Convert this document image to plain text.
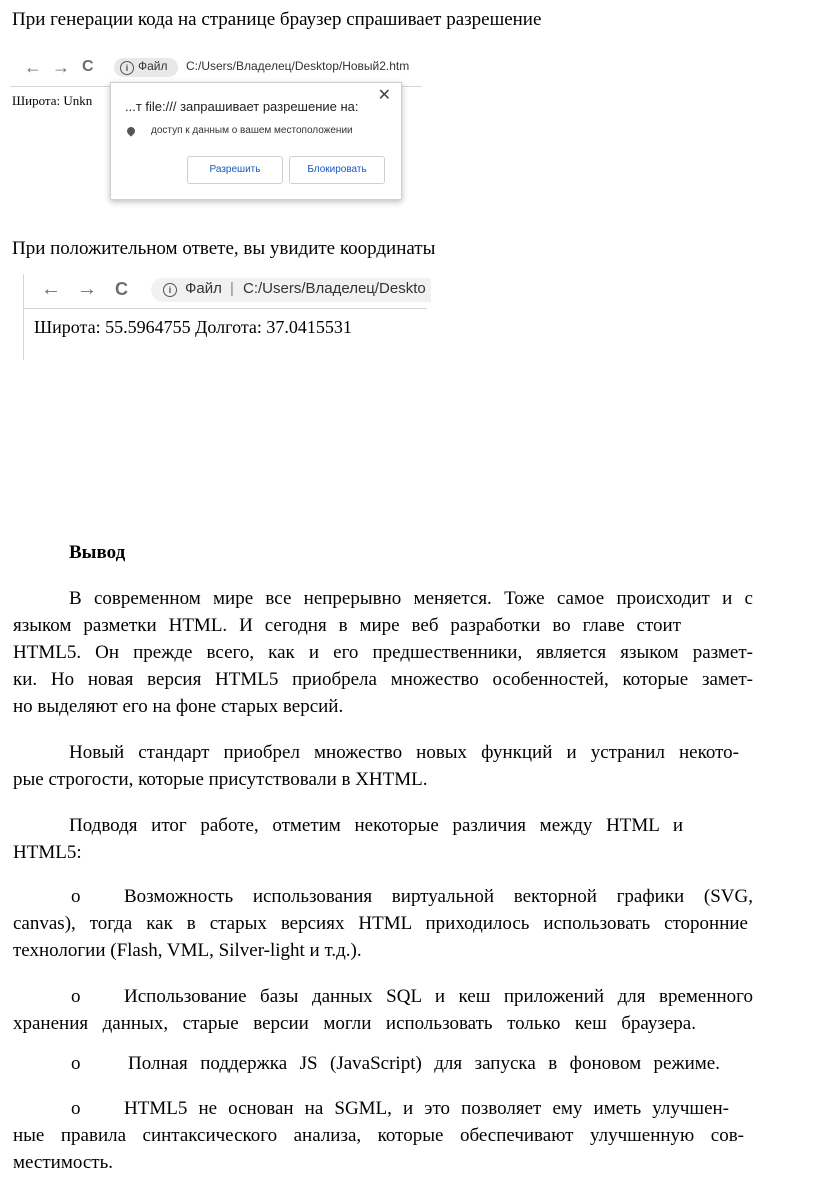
При генерации кода на странице браузер спрашивает разрешение
← → C	i Файл C:/Users/Владелец/Desktop/Новый2.htm
Широта: Unkn	✕
...т file:/// запрашивает разрешение на:
доступ к данным о вашем местоположении
Разрешить	Блокировать
При положительном ответе, вы увидите координаты
← → C	i Файл | C:/Users/Владелец/Deskto
Широта: 55.5964755 Долгота: 37.0415531
Вывод
В современном мире все непрерывно меняется. Тоже самое происходит и с
языком разметки HTML. И сегодня в мире веб разработки во главе стоит
HTML5. Он прежде всего, как и его предшественники, является языком размет-
ки. Но новая версия HTML5 приобрела множество особенностей, которые замет-
но выделяют его на фоне старых версий.
Новый стандарт приобрел множество новых функций и устранил некото-
рые строгости, которые присутствовали в XHTML.
Подводя итог работе, отметим некоторые различия между HTML и
HTML5:
o Возможность использования виртуальной векторной графики (SVG,
canvas), тогда как в старых версиях HTML приходилось использовать сторонние
технологии (Flash, VML, Silver-light и т.д.).
o Использование базы данных SQL и кеш приложений для временного
хранения данных, старые версии могли использовать только кеш браузера.
o	Полная поддержка JS (JavaScript) для запуска в фоновом режиме.
o HTML5 не основан на SGML, и это позволяет ему иметь улучшен-
ные правила синтаксического анализа, которые обеспечивают улучшенную сов-
местимость.
